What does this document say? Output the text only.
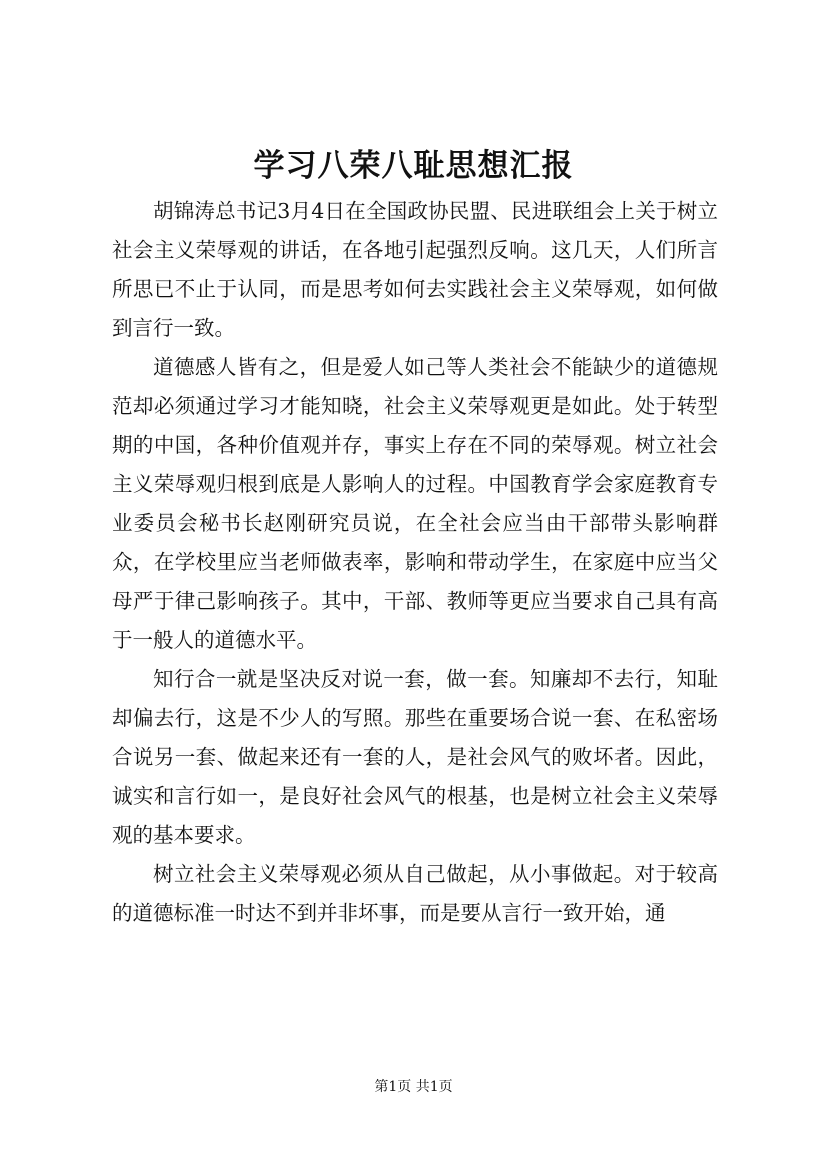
学习八荣八耻思想汇报

胡锦涛总书记3月4日在全国政协民盟、民进联组会上关于树立社会主义荣辱观的讲话，在各地引起强烈反响。这几天，人们所言所思已不止于认同，而是思考如何去实践社会主义荣辱观，如何做到言行一致。

道德感人皆有之，但是爱人如己等人类社会不能缺少的道德规范却必须通过学习才能知晓，社会主义荣辱观更是如此。处于转型期的中国，各种价值观并存，事实上存在不同的荣辱观。树立社会主义荣辱观归根到底是人影响人的过程。中国教育学会家庭教育专业委员会秘书长赵刚研究员说，在全社会应当由干部带头影响群众，在学校里应当老师做表率，影响和带动学生，在家庭中应当父母严于律己影响孩子。其中，干部、教师等更应当要求自己具有高于一般人的道德水平。

知行合一就是坚决反对说一套，做一套。知廉却不去行，知耻却偏去行，这是不少人的写照。那些在重要场合说一套、在私密场合说另一套、做起来还有一套的人，是社会风气的败坏者。因此，诚实和言行如一，是良好社会风气的根基，也是树立社会主义荣辱观的基本要求。

树立社会主义荣辱观必须从自己做起，从小事做起。对于较高的道德标准一时达不到并非坏事，而是要从言行一致开始，通

第1页 共1页
